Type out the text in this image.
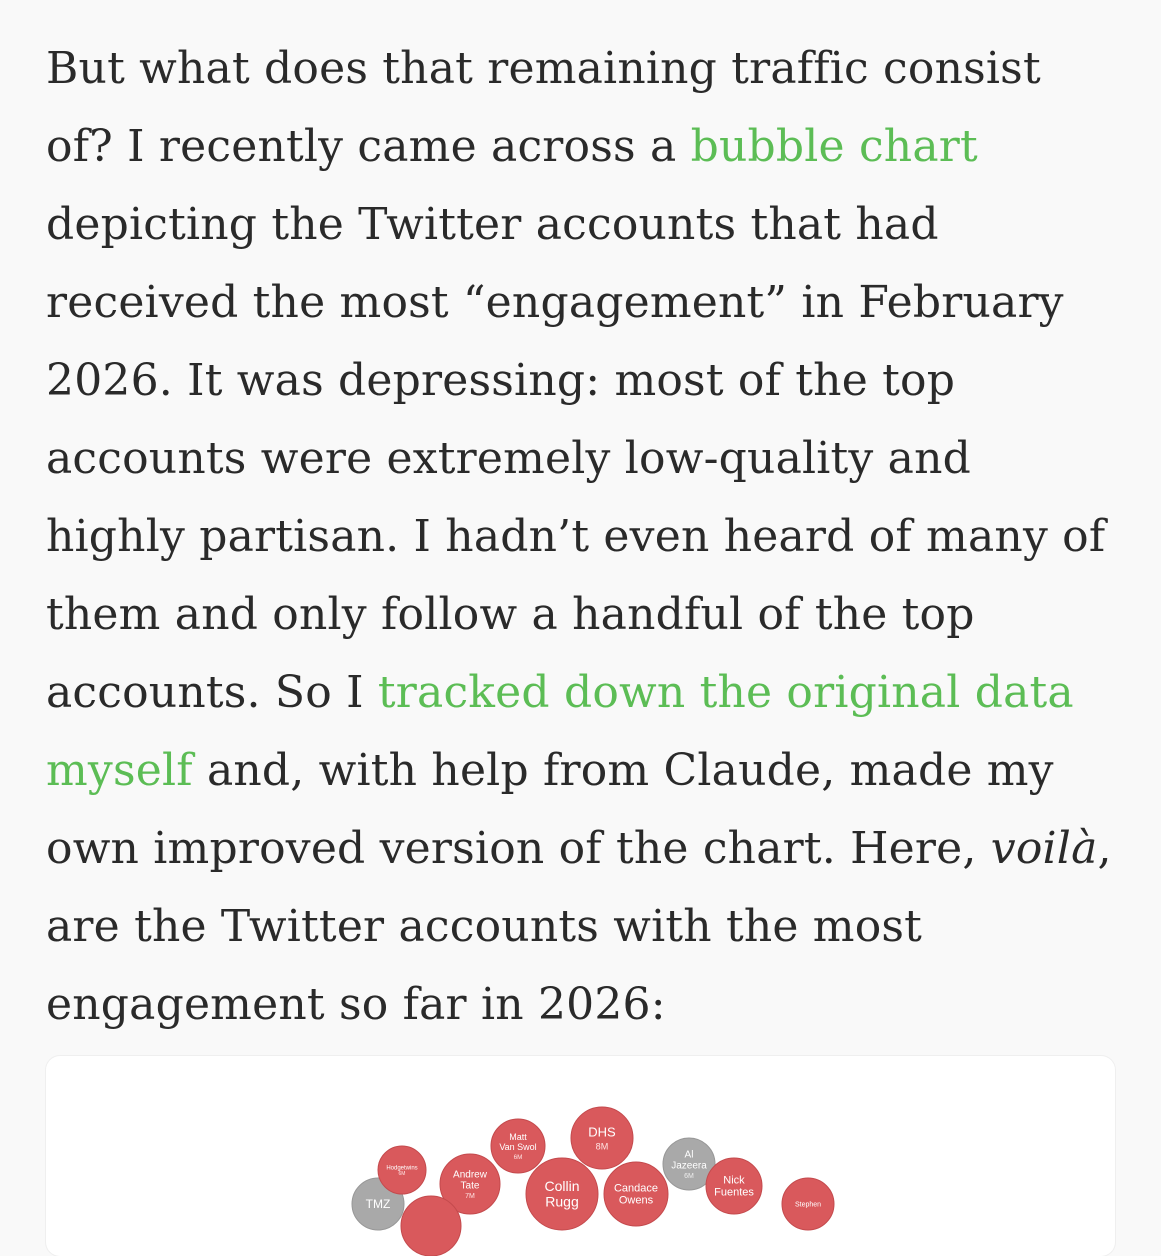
But what does that remaining traffic consist of? I recently came across a bubble chart depicting the Twitter accounts that had received the most “engagement” in February 2026. It was depressing: most of the top accounts were extremely low-quality and highly partisan. I hadn’t even heard of many of them and only follow a handful of the top accounts. So I tracked down the original data myself and, with help from Claude, made my own improved version of the chart. Here, voilà, are the Twitter accounts with the most engagement so far in 2026:

TMZ
Hodgetwins
6M	Andrew
Tate
7M
Matt
Van Swol
6M
Collin
Rugg
DHS
8M
Candace
Owens
Al
Jazeera
6M	Nick
Fuentes
Stephen
